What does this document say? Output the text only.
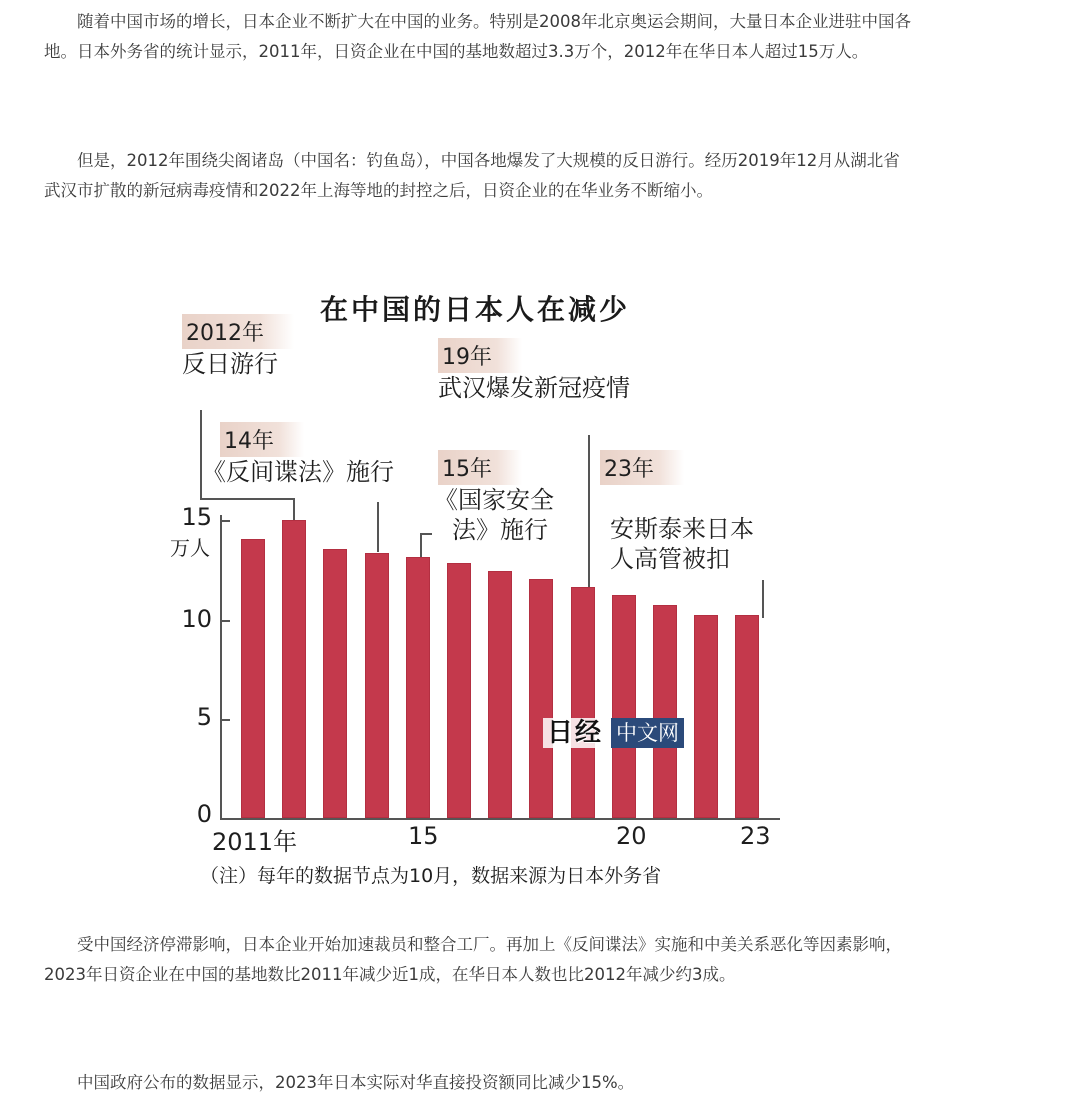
随着中国市场的增长，日本企业不断扩大在中国的业务。特别是2008年北京奥运会期间，大量日本企业进驻中国各地。日本外务省的统计显示，2011年，日资企业在中国的基地数超过3.3万个，2012年在华日本人超过15万人。

但是，2012年围绕尖阁诸岛（中国名：钓鱼岛），中国各地爆发了大规模的反日游行。经历2019年12月从湖北省武汉市扩散的新冠病毒疫情和2022年上海等地的封控之后，日资企业的在华业务不断缩小。

在中国的日本人在减少
2012年
反日游行
14年
《反间谍法》施行 15年
《国家安全
法》施行
19年
武汉爆发新冠疫情
23年
安斯泰来日本
人高管被扣
15
万人
10
5
0
2011年	15	20	23
日经 中文网
（注）每年的数据节点为10月，数据来源为日本外务省

受中国经济停滞影响，日本企业开始加速裁员和整合工厂。再加上《反间谍法》实施和中美关系恶化等因素影响，2023年日资企业在中国的基地数比2011年减少近1成，在华日本人数也比2012年减少约3成。

中国政府公布的数据显示，2023年日本实际对华直接投资额同比减少15%。
